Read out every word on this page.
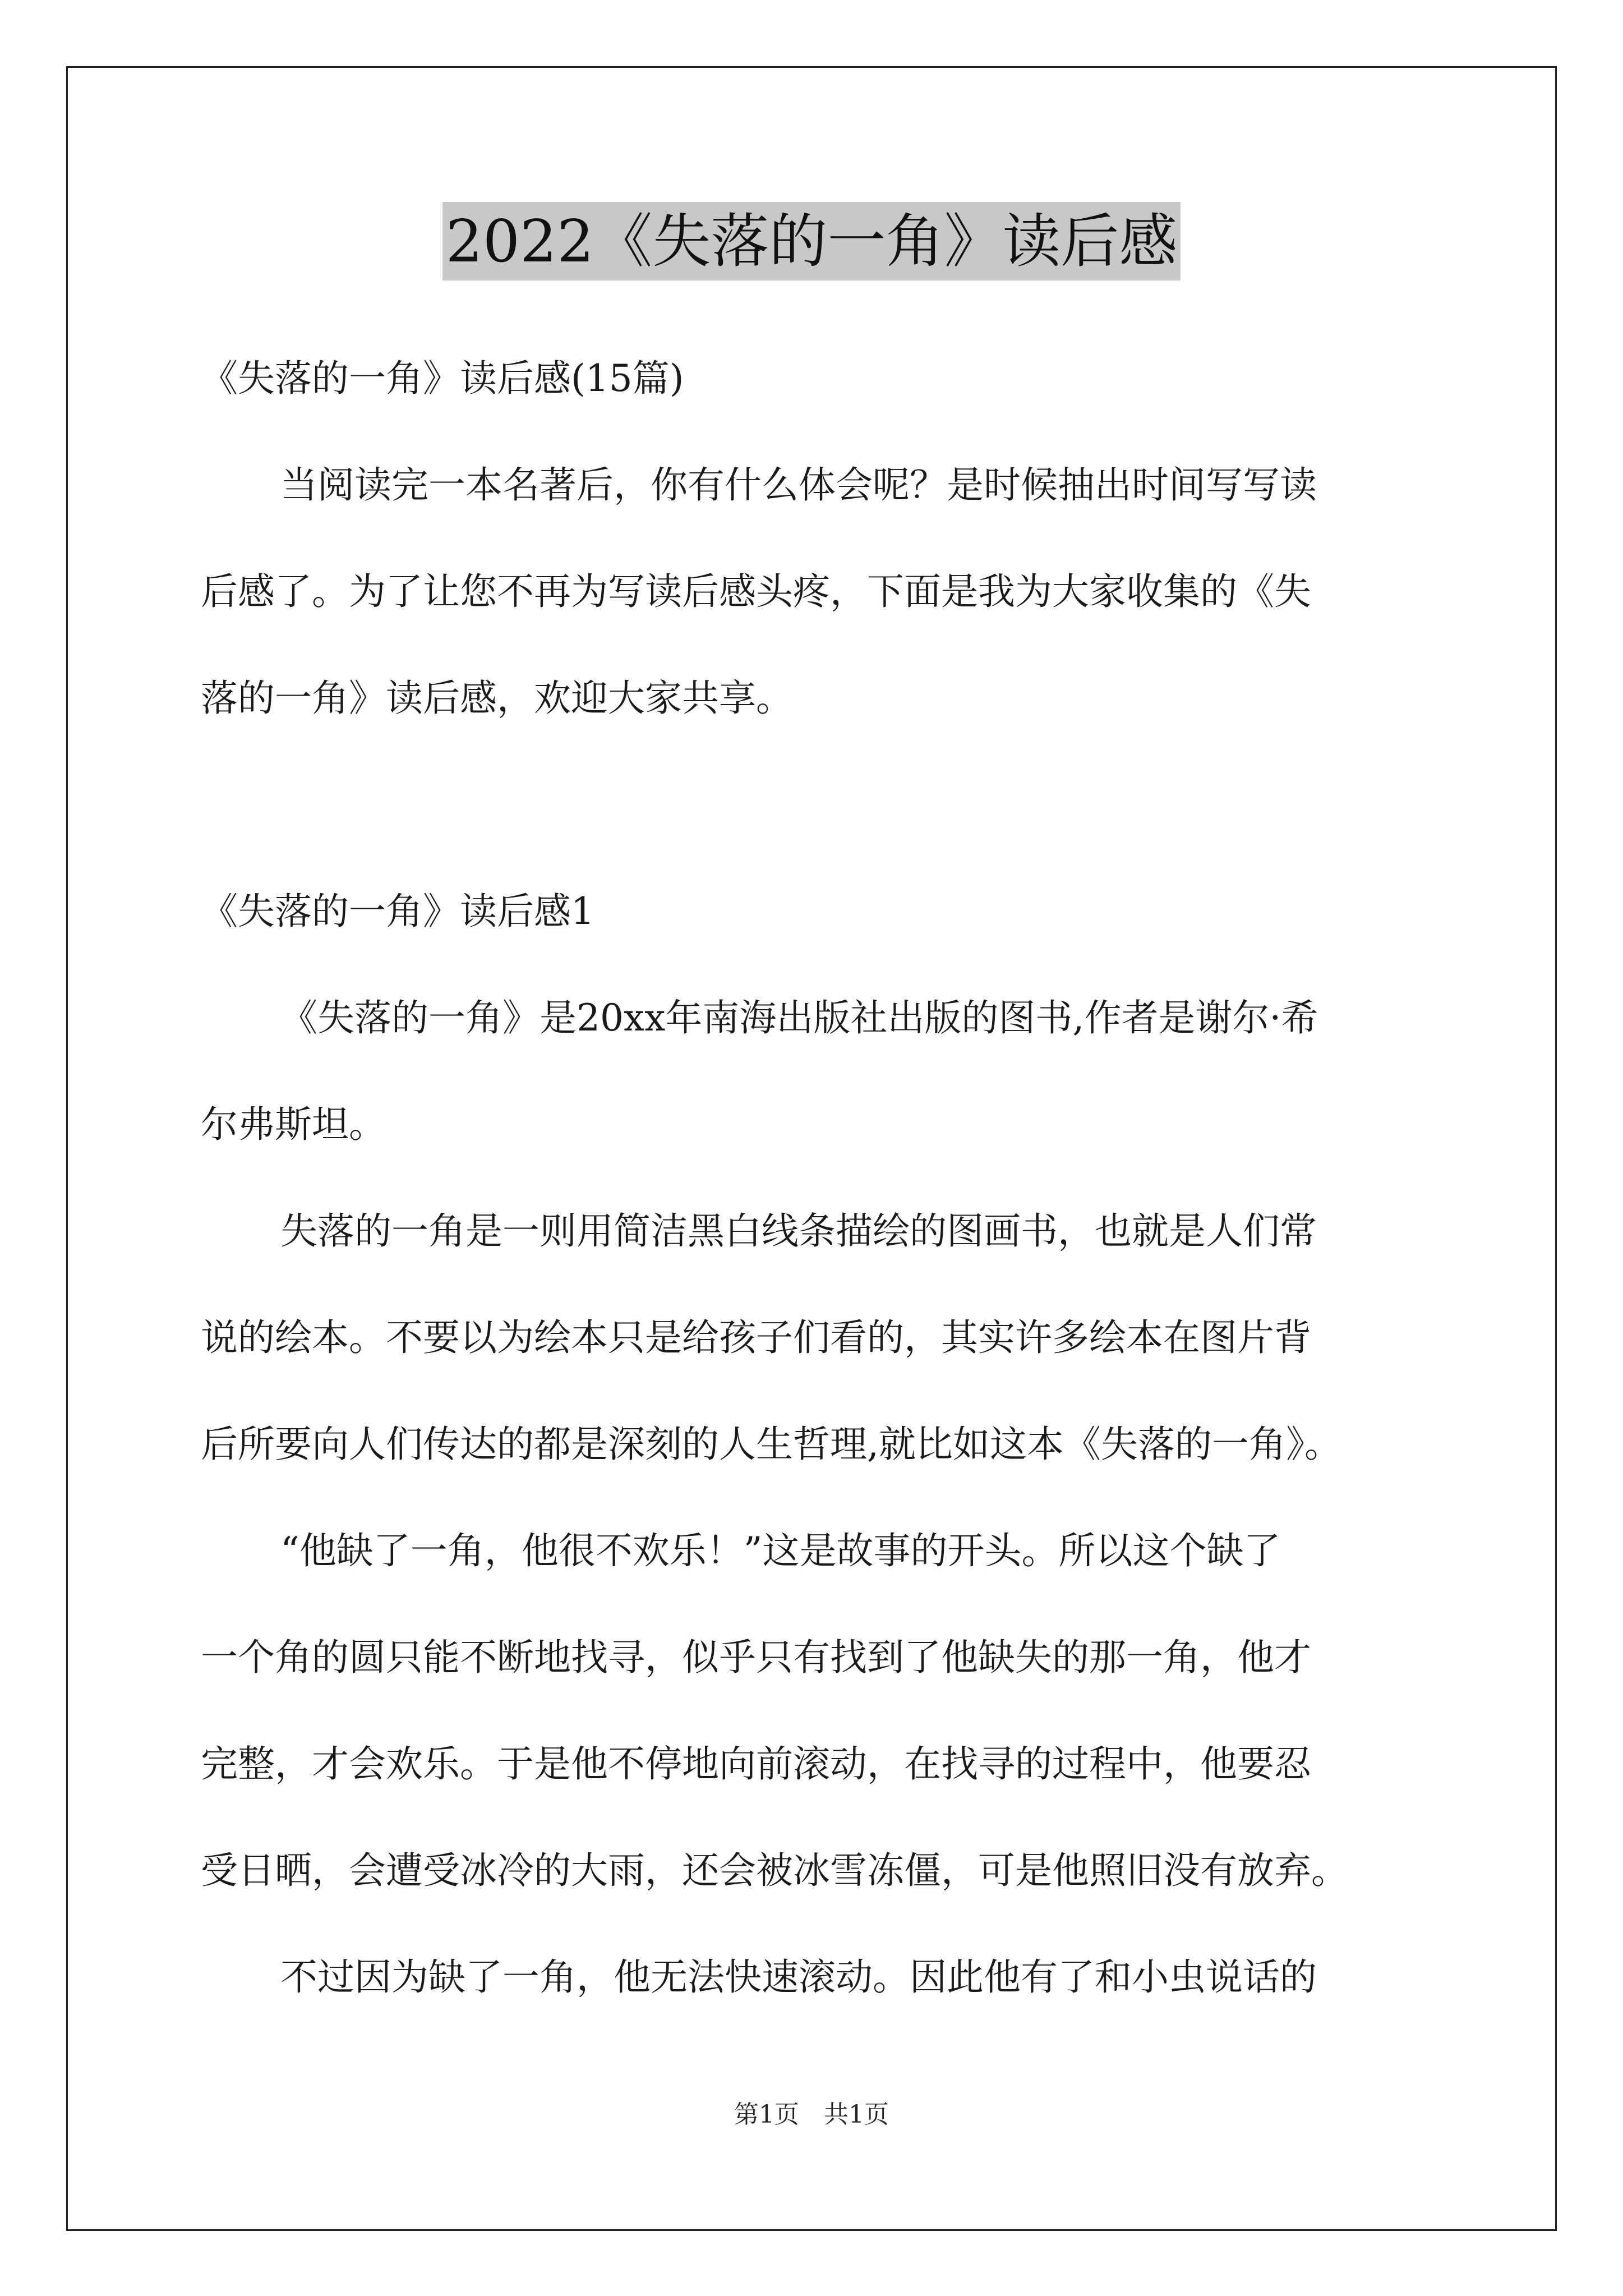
2022《失落的一角》读后感
《失落的一角》读后感(15篇)
当阅读完一本名著后，你有什么体会呢？是时候抽出时间写写读
后感了。为了让您不再为写读后感头疼，下面是我为大家收集的《失
落的一角》读后感，欢迎大家共享。
《失落的一角》读后感1
《失落的一角》是20xx年南海出版社出版的图书,作者是谢尔·希
尔弗斯坦。
失落的一角是一则用简洁黑白线条描绘的图画书，也就是人们常
说的绘本。不要以为绘本只是给孩子们看的，其实许多绘本在图片背
后所要向人们传达的都是深刻的人生哲理,就比如这本《失落的一角》。
“他缺了一角，他很不欢乐！”这是故事的开头。所以这个缺了
一个角的圆只能不断地找寻，似乎只有找到了他缺失的那一角，他才
完整，才会欢乐。于是他不停地向前滚动，在找寻的过程中，他要忍
受日晒，会遭受冰冷的大雨，还会被冰雪冻僵，可是他照旧没有放弃。
不过因为缺了一角，他无法快速滚动。因此他有了和小虫说话的
第1页　共1页
